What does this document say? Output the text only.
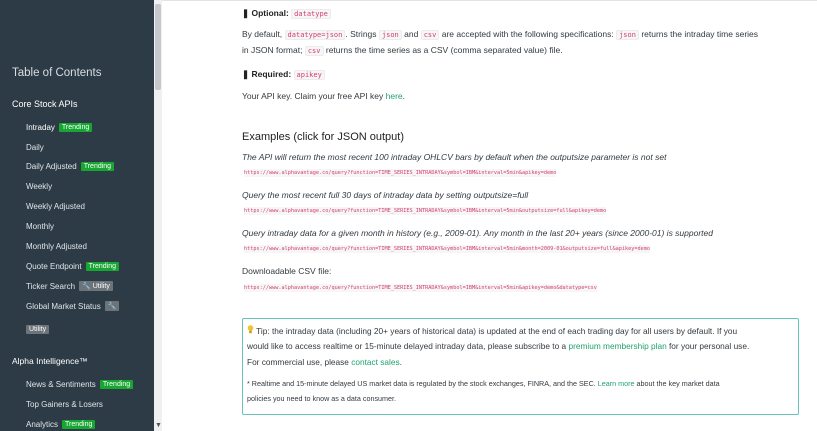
Table of Contents
Core Stock APIs
Intraday Trending
Daily
Daily Adjusted Trending
Weekly
Weekly Adjusted
Monthly
Monthly Adjusted
Quote Endpoint Trending
Ticker Search 🔧 Utility
Global Market Status 🔧
Utility
Alpha Intelligence™
News & Sentiments Trending
Top Gainers & Losers
Analytics Trending	▼
❚ Optional: datatype
By default, datatype=json . Strings json and csv are accepted with the following specifications: json returns the intraday time series
in JSON format; csv returns the time series as a CSV (comma separated value) file.
❚ Required: apikey
Your API key. Claim your free API key here.
Examples (click for JSON output)
The API will return the most recent 100 intraday OHLCV bars by default when the outputsize parameter is not set
https://www.alphavantage.co/query?function=TIME_SERIES_INTRADAY&symbol=IBM&interval=5min&apikey=demo
Query the most recent full 30 days of intraday data by setting outputsize=full
https://www.alphavantage.co/query?function=TIME_SERIES_INTRADAY&symbol=IBM&interval=5min&outputsize=full&apikey=demo
Query intraday data for a given month in history (e.g., 2009-01). Any month in the last 20+ years (since 2000-01) is supported
https://www.alphavantage.co/query?function=TIME_SERIES_INTRADAY&symbol=IBM&interval=5min&month=2009-01&outputsize=full&apikey=demo
Downloadable CSV file:
https://www.alphavantage.co/query?function=TIME_SERIES_INTRADAY&symbol=IBM&interval=5min&apikey=demo&datatype=csv
Tip: the intraday data (including 20+ years of historical data) is updated at the end of each trading day for all users by default. If you
would like to access realtime or 15-minute delayed intraday data, please subscribe to a premium membership plan for your personal use.
For commercial use, please contact sales.
* Realtime and 15-minute delayed US market data is regulated by the stock exchanges, FINRA, and the SEC. Learn more about the key market data
policies you need to know as a data consumer.
